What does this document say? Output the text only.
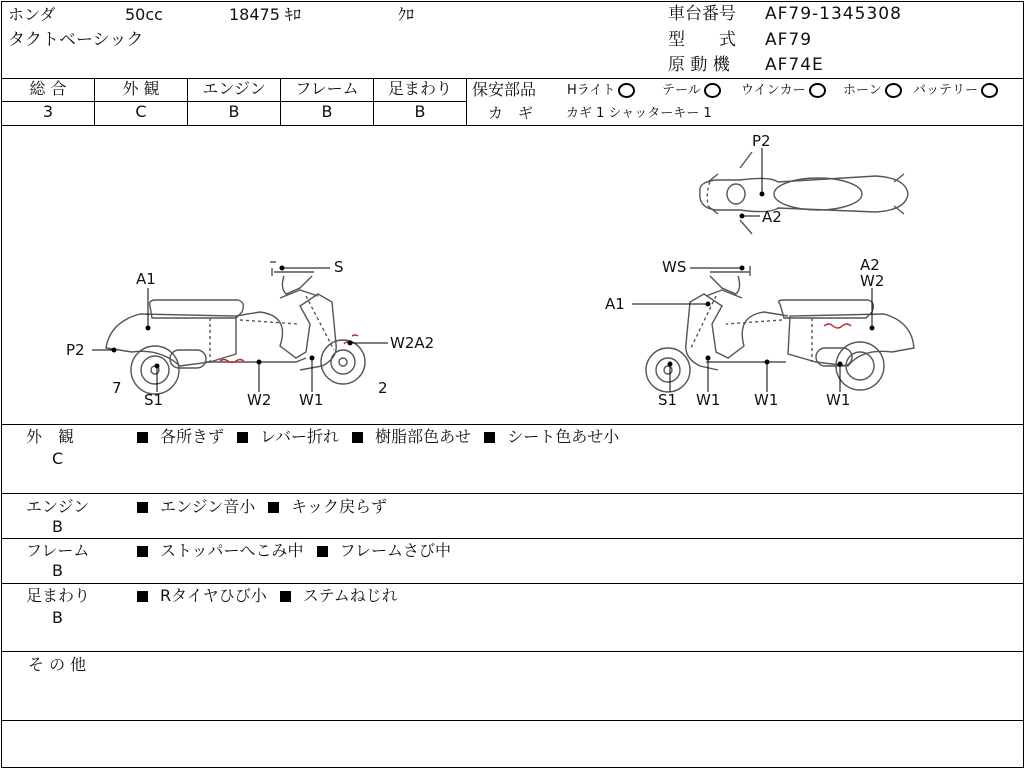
ホンダ	50cc	18475 ｷﾛ	ｸﾛ
タクトベーシック
車台番号 AF79-1345308
型　　式 AF79
原 動 機 AF74E
総 合	外 観	エンジン	フレーム	足まわり
3	C	B	B	B
保安部品 Hライト	テール	ウインカー	ホーン	バッテリー
カ　ギ	カギ 1 シャッターキー 1
S
A1
P2	W2A2
7
S1	W2 W1
2
WS	A2
W2
A1
S1 W1 W1	W1
P2
A2
外　観
C
各所きず レバー折れ 樹脂部色あせ シート色あせ小
エンジン
B
エンジン音小 キック戻らず
フレーム
B
ストッパーへこみ中 フレームさび中
足まわり
B
Rタイヤひび小 ステムねじれ
そ の 他
